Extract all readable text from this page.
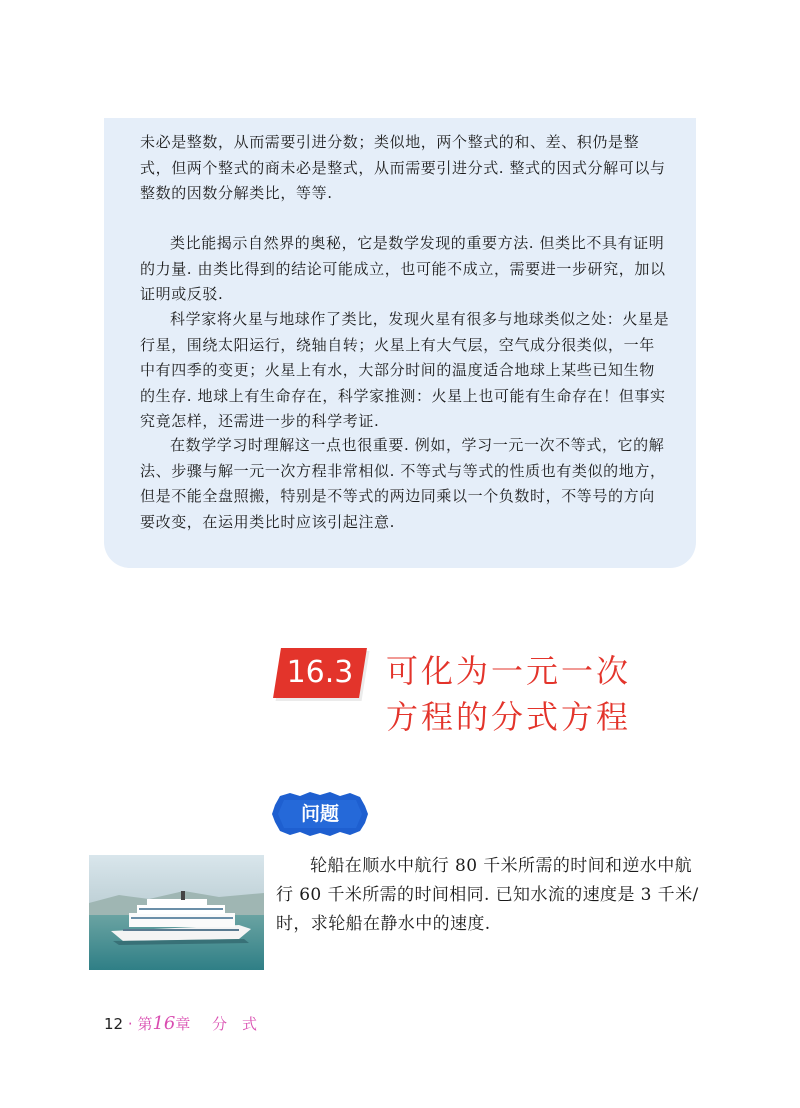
未必是整数，从而需要引进分数；类似地，两个整式的和、差、积仍是整式，但两个整式的商未必是整式，从而需要引进分式. 整式的因式分解可以与整数的因数分解类比，等等.

类比能揭示自然界的奥秘，它是数学发现的重要方法. 但类比不具有证明的力量. 由类比得到的结论可能成立，也可能不成立，需要进一步研究，加以证明或反驳.

科学家将火星与地球作了类比，发现火星有很多与地球类似之处：火星是行星，围绕太阳运行，绕轴自转；火星上有大气层，空气成分很类似，一年中有四季的变更；火星上有水，大部分时间的温度适合地球上某些已知生物的生存. 地球上有生命存在，科学家推测：火星上也可能有生命存在！但事实究竟怎样，还需进一步的科学考证.

在数学学习时理解这一点也很重要. 例如，学习一元一次不等式，它的解法、步骤与解一元一次方程非常相似. 不等式与等式的性质也有类似的地方，但是不能全盘照搬，特别是不等式的两边同乘以一个负数时，不等号的方向要改变，在运用类比时应该引起注意.

16.3	可化为一元一次
方程的分式方程
问题

轮船在顺水中航行 80 千米所需的时间和逆水中航行 60 千米所需的时间相同. 已知水流的速度是 3 千米/时，求轮船在静水中的速度.

12 · 第16章 分　式
